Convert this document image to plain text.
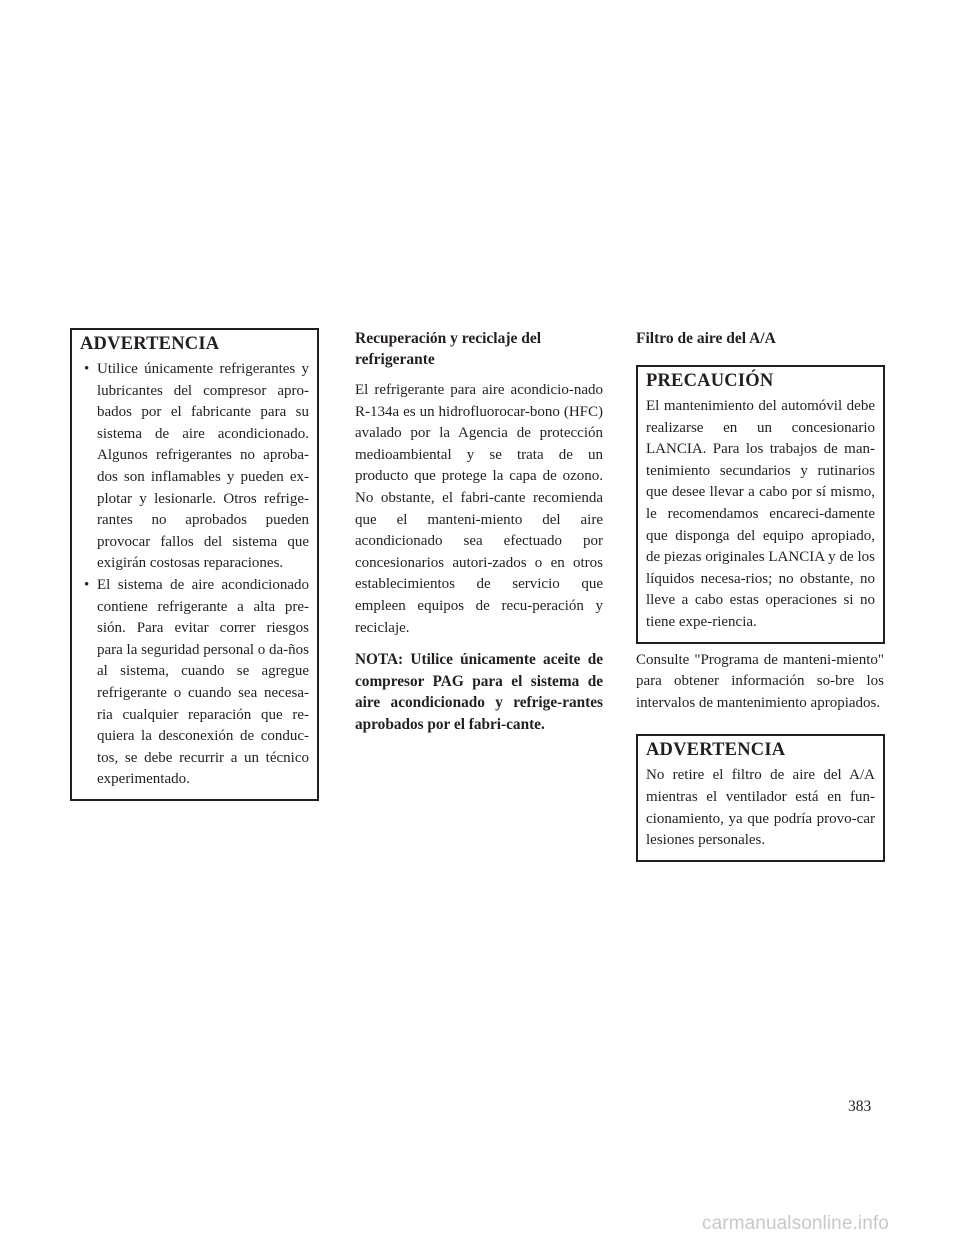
ADVERTENCIA
• Utilice únicamente refrigerantes y lubricantes del compresor apro-bados por el fabricante para su sistema de aire acondicionado. Algunos refrigerantes no aproba-dos son inflamables y pueden ex-plotar y lesionarle. Otros refrige-rantes no aprobados pueden provocar fallos del sistema que exigirán costosas reparaciones.
• El sistema de aire acondicionado contiene refrigerante a alta pre-sión. Para evitar correr riesgos para la seguridad personal o da-ños al sistema, cuando se agregue refrigerante o cuando sea necesa-ria cualquier reparación que re-quiera la desconexión de conduc-tos, se debe recurrir a un técnico experimentado.
Recuperación y reciclaje del refrigerante

El refrigerante para aire acondicio-nado R-134a es un hidrofluorocar-bono (HFC) avalado por la Agencia de protección medioambiental y se trata de un producto que protege la capa de ozono. No obstante, el fabri-cante recomienda que el manteni-miento del aire acondicionado sea efectuado por concesionarios autori-zados o en otros establecimientos de servicio que empleen equipos de recu-peración y reciclaje.

NOTA: Utilice únicamente aceite de compresor PAG para el sistema de aire acondicionado y refrige-rantes aprobados por el fabri-cante.

Filtro de aire del A/A
PRECAUCIÓN

El mantenimiento del automóvil debe realizarse en un concesionario LANCIA. Para los trabajos de man-tenimiento secundarios y rutinarios que desee llevar a cabo por sí mismo, le recomendamos encareci-damente que disponga del equipo apropiado, de piezas originales LANCIA y de los líquidos necesa-rios; no obstante, no lleve a cabo estas operaciones si no tiene expe-riencia.

Consulte "Programa de manteni-miento" para obtener información so-bre los intervalos de mantenimiento apropiados.

ADVERTENCIA

No retire el filtro de aire del A/A mientras el ventilador está en fun-cionamiento, ya que podría provo-car lesiones personales.

383

carmanualsonline.info
